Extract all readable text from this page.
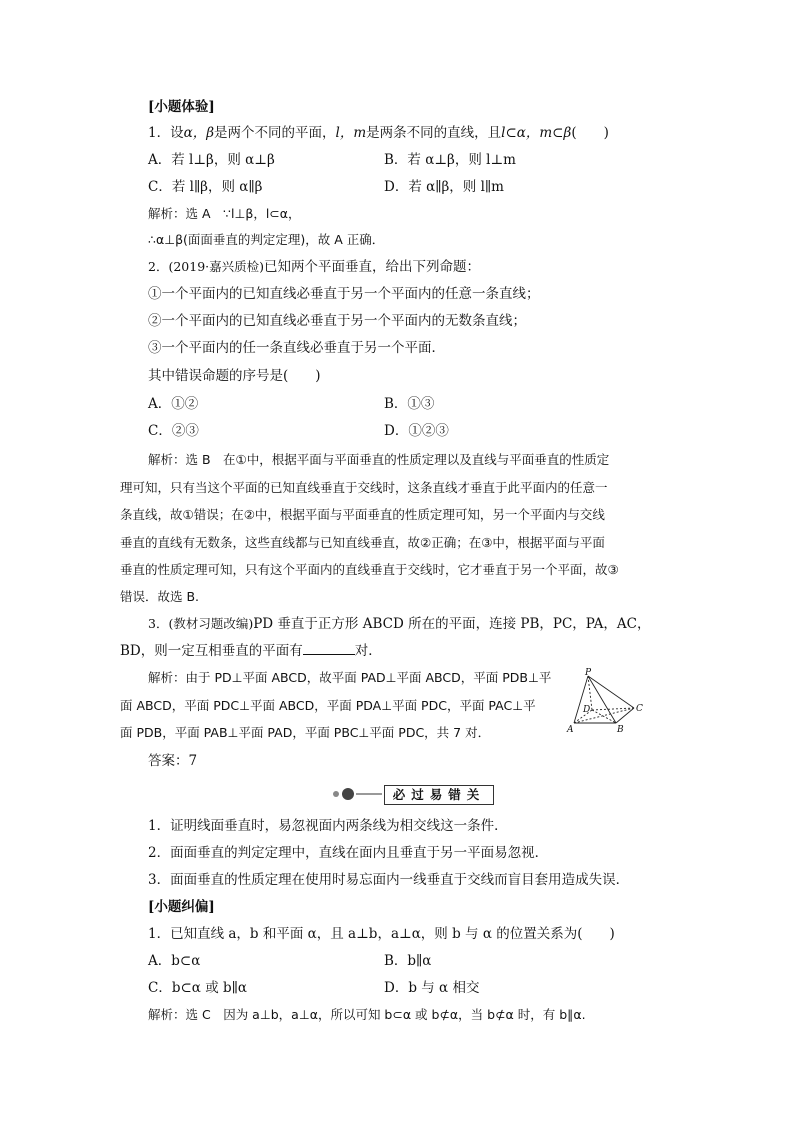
[小题体验]
1．设α，β是两个不同的平面，l，m是两条不同的直线，且l⊂α，m⊂β(　　)
A．若 l⊥β，则 α⊥β	B．若 α⊥β，则 l⊥m
C．若 l∥β，则 α∥β	D．若 α∥β，则 l∥m
解析：选 A　∵l⊥β，l⊂α，
∴α⊥β(面面垂直的判定定理)，故 A 正确．
2．(2019·嘉兴质检)已知两个平面垂直，给出下列命题：
①一个平面内的已知直线必垂直于另一个平面内的任意一条直线；
②一个平面内的已知直线必垂直于另一个平面内的无数条直线；
③一个平面内的任一条直线必垂直于另一个平面．
其中错误命题的序号是(　　)
A．①②	B．①③
C．②③	D．①②③
解析：选 B　在①中，根据平面与平面垂直的性质定理以及直线与平面垂直的性质定
理可知，只有当这个平面的已知直线垂直于交线时，这条直线才垂直于此平面内的任意一
条直线，故①错误；在②中，根据平面与平面垂直的性质定理可知，另一个平面内与交线
垂直的直线有无数条，这些直线都与已知直线垂直，故②正确；在③中，根据平面与平面
垂直的性质定理可知，只有这个平面内的直线垂直于交线时，它才垂直于另一个平面，故③
错误．故选 B.
3．(教材习题改编)PD 垂直于正方形 ABCD 所在的平面，连接 PB，PC，PA，AC，
BD，则一定互相垂直的平面有	对．
解析：由于 PD⊥平面 ABCD，故平面 PAD⊥平面 ABCD，平面 PDB⊥平
面 ABCD，平面 PDC⊥平面 ABCD，平面 PDA⊥平面 PDC，平面 PAC⊥平
面 PDB，平面 PAB⊥平面 PAD，平面 PBC⊥平面 PDC，共 7 对．
P
D	C
A	B
答案：7
必过易错关
1．证明线面垂直时，易忽视面内两条线为相交线这一条件．
2．面面垂直的判定定理中，直线在面内且垂直于另一平面易忽视．
3．面面垂直的性质定理在使用时易忘面内一线垂直于交线而盲目套用造成失误．
[小题纠偏]
1．已知直线 a，b 和平面 α，且 a⊥b，a⊥α，则 b 与 α 的位置关系为(　　)
A．b⊂α	B．b∥α
C．b⊂α 或 b∥α	D．b 与 α 相交
解析：选 C　因为 a⊥b，a⊥α，所以可知 b⊂α 或 b⊄α，当 b⊄α 时，有 b∥α.
